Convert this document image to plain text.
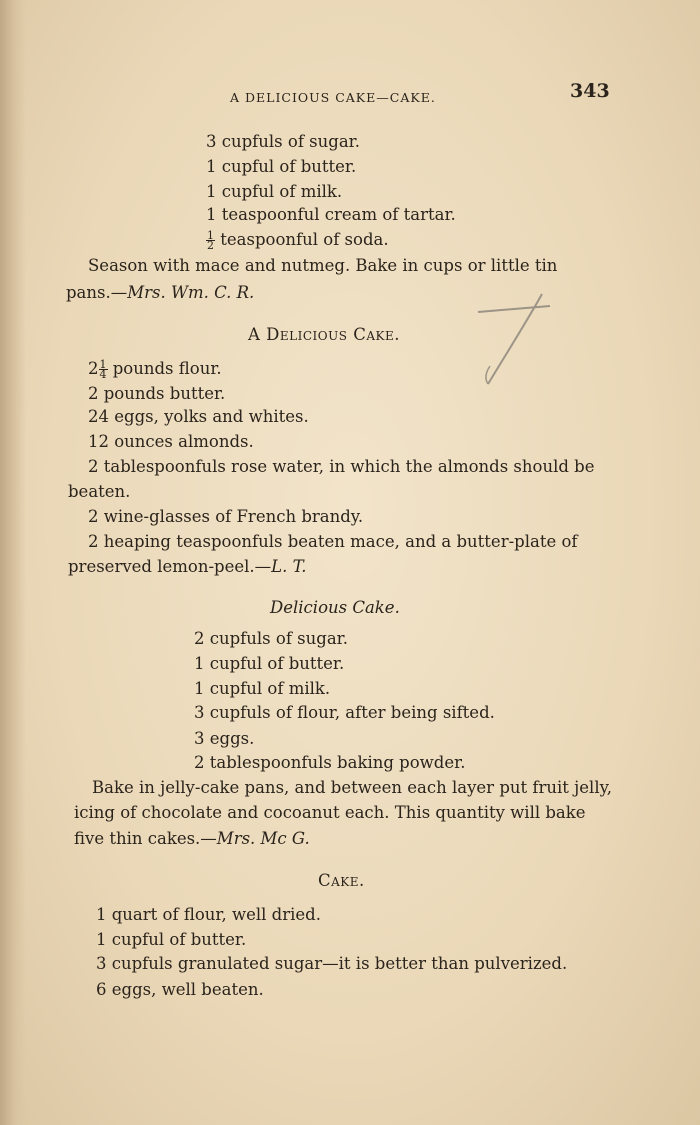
A DELICIOUS CAKE—CAKE.	343
3 cupfuls of sugar.
1 cupful of butter.
1 cupful of milk.
1 teaspoonful cream of tartar.
$\frac{1}{2}$ teaspoonful of soda.
Season with mace and nutmeg. Bake in cups or little tin
pans.—Mrs. Wm. C. R.
A Delicious Cake.
$2 \frac{1}{4}$ pounds flour.
2 pounds butter.
24 eggs, yolks and whites.
12 ounces almonds.
2 tablespoonfuls rose water, in which the almonds should be
beaten.
2 wine-glasses of French brandy.
2 heaping teaspoonfuls beaten mace, and a butter-plate of
preserved lemon-peel.—L. T.
Delicious Cake.
2 cupfuls of sugar.
1 cupful of butter.
1 cupful of milk.
3 cupfuls of flour, after being sifted.
3 eggs.
2 tablespoonfuls baking powder.
Bake in jelly-cake pans, and between each layer put fruit jelly,
icing of chocolate and cocoanut each. This quantity will bake
five thin cakes.—Mrs. Mc G.
Cake.
1 quart of flour, well dried.
1 cupful of butter.
3 cupfuls granulated sugar—it is better than pulverized.
6 eggs, well beaten.
